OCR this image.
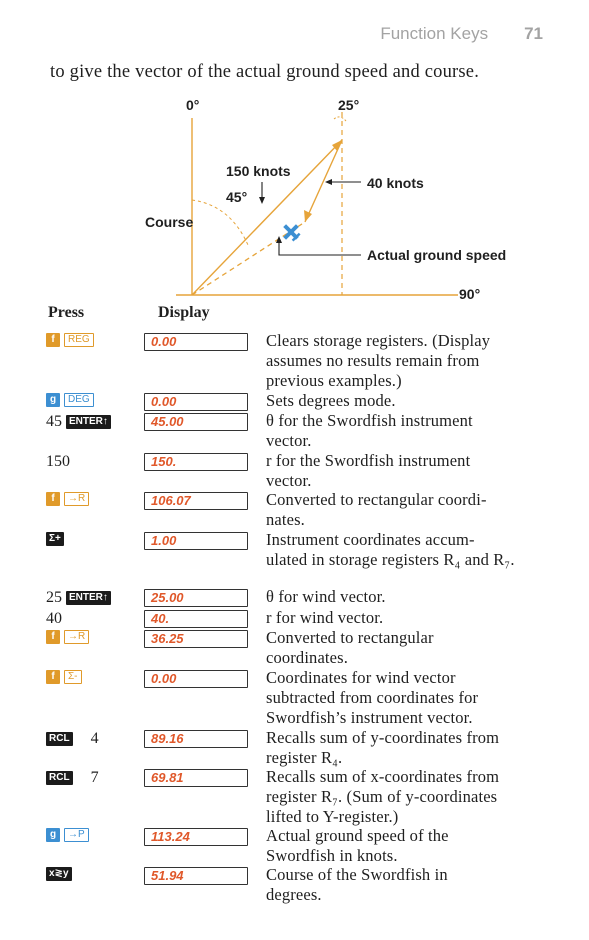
Function Keys 71
to give the vector of the actual ground speed and course.
0°	25°
150 knots
45°
Course
40 knots
Actual ground speed
90°
Press	Display
f	REG	0.00	Clears storage registers. (Display
assumes no results remain from
previous examples.)
g	DEG	0.00	Sets degrees mode.
45 ENTER↑	45.00	θ for the Swordfish instrument
vector.
150	150.	r for the Swordfish instrument
vector.
f	→R	106.07	Converted to rectangular coordi-
nates.
Σ+	1.00	Instrument coordinates accum-
ulated in storage registers R₄ and R₇.
25 ENTER↑	25.00	θ for wind vector.
40	40.	r for wind vector.
f	→R	36.25	Converted to rectangular
coordinates.
f	Σ-	0.00	Coordinates for wind vector
subtracted from coordinates for
Swordfish’s instrument vector.
RCL 4	89.16	Recalls sum of y-coordinates from
register R₄.
RCL 7	69.81	Recalls sum of x-coordinates from
register R₇. (Sum of y-coordinates
lifted to Y-register.)
g	→P	113.24	Actual ground speed of the
Swordfish in knots.
x≷y	51.94	Course of the Swordfish in
degrees.
